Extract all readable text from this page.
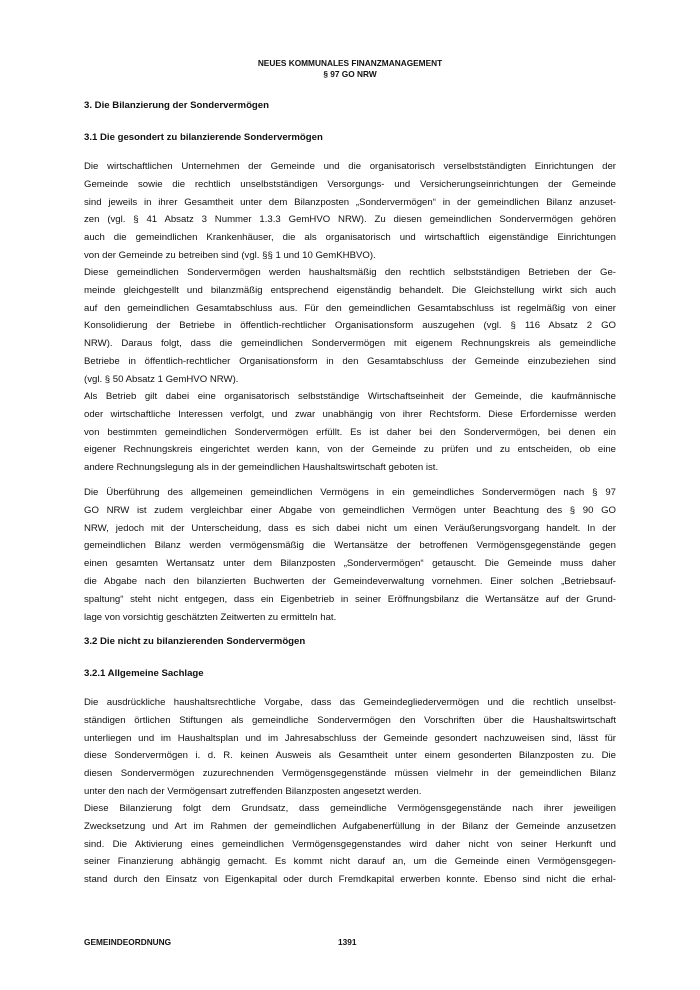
NEUES KOMMUNALES FINANZMANAGEMENT
§ 97 GO NRW
3. Die Bilanzierung der Sondervermögen
3.1 Die gesondert zu bilanzierende Sondervermögen
Die wirtschaftlichen Unternehmen der Gemeinde und die organisatorisch verselbstständigten Einrichtungen der
Gemeinde sowie die rechtlich unselbstständigen Versorgungs- und Versicherungseinrichtungen der Gemeinde
sind jeweils in ihrer Gesamtheit unter dem Bilanzposten „Sondervermögen“ in der gemeindlichen Bilanz anzuset-
zen (vgl. § 41 Absatz 3 Nummer 1.3.3 GemHVO NRW). Zu diesen gemeindlichen Sondervermögen gehören
auch die gemeindlichen Krankenhäuser, die als organisatorisch und wirtschaftlich eigenständige Einrichtungen
von der Gemeinde zu betreiben sind (vgl. §§ 1 und 10 GemKHBVO).
Diese gemeindlichen Sondervermögen werden haushaltsmäßig den rechtlich selbstständigen Betrieben der Ge-
meinde gleichgestellt und bilanzmäßig entsprechend eigenständig behandelt. Die Gleichstellung wirkt sich auch
auf den gemeindlichen Gesamtabschluss aus. Für den gemeindlichen Gesamtabschluss ist regelmäßig von einer
Konsolidierung der Betriebe in öffentlich-rechtlicher Organisationsform auszugehen (vgl. § 116 Absatz 2 GO
NRW). Daraus folgt, dass die gemeindlichen Sondervermögen mit eigenem Rechnungskreis als gemeindliche
Betriebe in öffentlich-rechtlicher Organisationsform in den Gesamtabschluss der Gemeinde einzubeziehen sind
(vgl. § 50 Absatz 1 GemHVO NRW).
Als Betrieb gilt dabei eine organisatorisch selbstständige Wirtschaftseinheit der Gemeinde, die kaufmännische
oder wirtschaftliche Interessen verfolgt, und zwar unabhängig von ihrer Rechtsform. Diese Erfordernisse werden
von bestimmten gemeindlichen Sondervermögen erfüllt. Es ist daher bei den Sondervermögen, bei denen ein
eigener Rechnungskreis eingerichtet werden kann, von der Gemeinde zu prüfen und zu entscheiden, ob eine
andere Rechnungslegung als in der gemeindlichen Haushaltswirtschaft geboten ist.
Die Überführung des allgemeinen gemeindlichen Vermögens in ein gemeindliches Sondervermögen nach § 97
GO NRW ist zudem vergleichbar einer Abgabe von gemeindlichen Vermögen unter Beachtung des § 90 GO
NRW, jedoch mit der Unterscheidung, dass es sich dabei nicht um einen Veräußerungsvorgang handelt. In der
gemeindlichen Bilanz werden vermögensmäßig die Wertansätze der betroffenen Vermögensgegenstände gegen
einen gesamten Wertansatz unter dem Bilanzposten „Sondervermögen“ getauscht. Die Gemeinde muss daher
die Abgabe nach den bilanzierten Buchwerten der Gemeindeverwaltung vornehmen. Einer solchen „Betriebsauf-
spaltung“ steht nicht entgegen, dass ein Eigenbetrieb in seiner Eröffnungsbilanz die Wertansätze auf der Grund-
lage von vorsichtig geschätzten Zeitwerten zu ermitteln hat.
3.2 Die nicht zu bilanzierenden Sondervermögen
3.2.1 Allgemeine Sachlage
Die ausdrückliche haushaltsrechtliche Vorgabe, dass das Gemeindegliedervermögen und die rechtlich unselbst-
ständigen örtlichen Stiftungen als gemeindliche Sondervermögen den Vorschriften über die Haushaltswirtschaft
unterliegen und im Haushaltsplan und im Jahresabschluss der Gemeinde gesondert nachzuweisen sind, lässt für
diese Sondervermögen i. d. R. keinen Ausweis als Gesamtheit unter einem gesonderten Bilanzposten zu. Die
diesen Sondervermögen zuzurechnenden Vermögensgegenstände müssen vielmehr in der gemeindlichen Bilanz
unter den nach der Vermögensart zutreffenden Bilanzposten angesetzt werden.
Diese Bilanzierung folgt dem Grundsatz, dass gemeindliche Vermögensgegenstände nach ihrer jeweiligen
Zwecksetzung und Art im Rahmen der gemeindlichen Aufgabenerfüllung in der Bilanz der Gemeinde anzusetzen
sind. Die Aktivierung eines gemeindlichen Vermögensgegenstandes wird daher nicht von seiner Herkunft und
seiner Finanzierung abhängig gemacht. Es kommt nicht darauf an, um die Gemeinde einen Vermögensgegen-
stand durch den Einsatz von Eigenkapital oder durch Fremdkapital erwerben konnte. Ebenso sind nicht die erhal-
GEMEINDEORDNUNG	1391
